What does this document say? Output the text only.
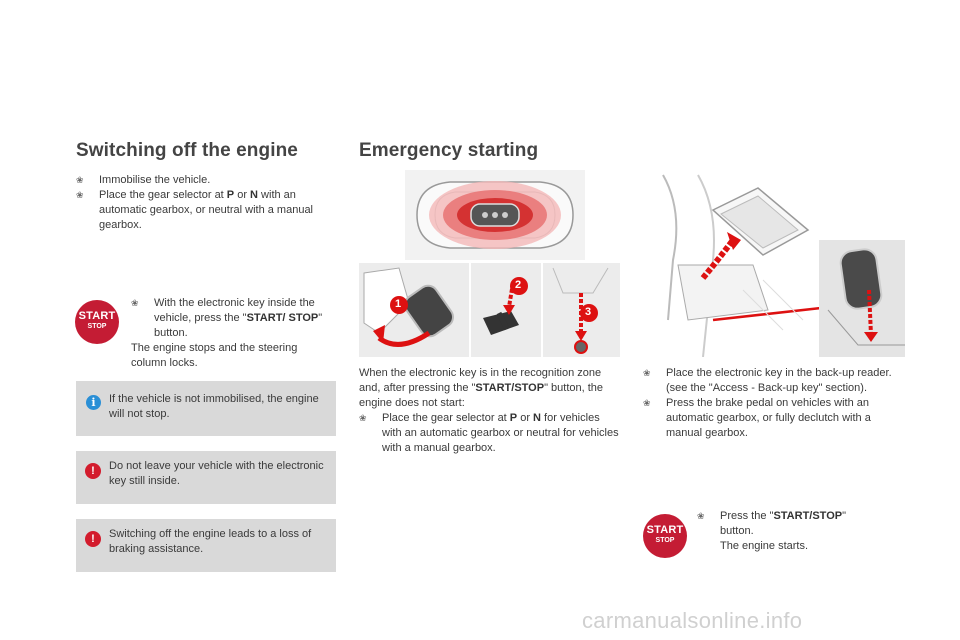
Switching off the engine
❀ Immobilise the vehicle.
❀ Place the gear selector at P or N with an automatic gearbox, or neutral with a manual gearbox.
START
STOP
❀ With the electronic key inside the vehicle, press the "START/ STOP" button.
The engine stops and the steering column locks.
i	If the vehicle is not immobilised, the engine will not stop.
!	Do not leave your vehicle with the electronic key still inside.
!	Switching off the engine leads to a loss of braking assistance.
Emergency starting
1
2
3
When the electronic key is in the recognition zone and, after pressing the "START/STOP" button, the engine does not start:
❀ Place the gear selector at P or N for vehicles with an automatic gearbox or neutral for vehicles with a manual gearbox.
❀ Place the electronic key in the back-up reader. (see the "Access - Back-up key" section).
❀ Press the brake pedal on vehicles with an automatic gearbox, or fully declutch with a manual gearbox.
START
STOP
❀ Press the "START/STOP" button.
The engine starts.
carmanualsonline.info
